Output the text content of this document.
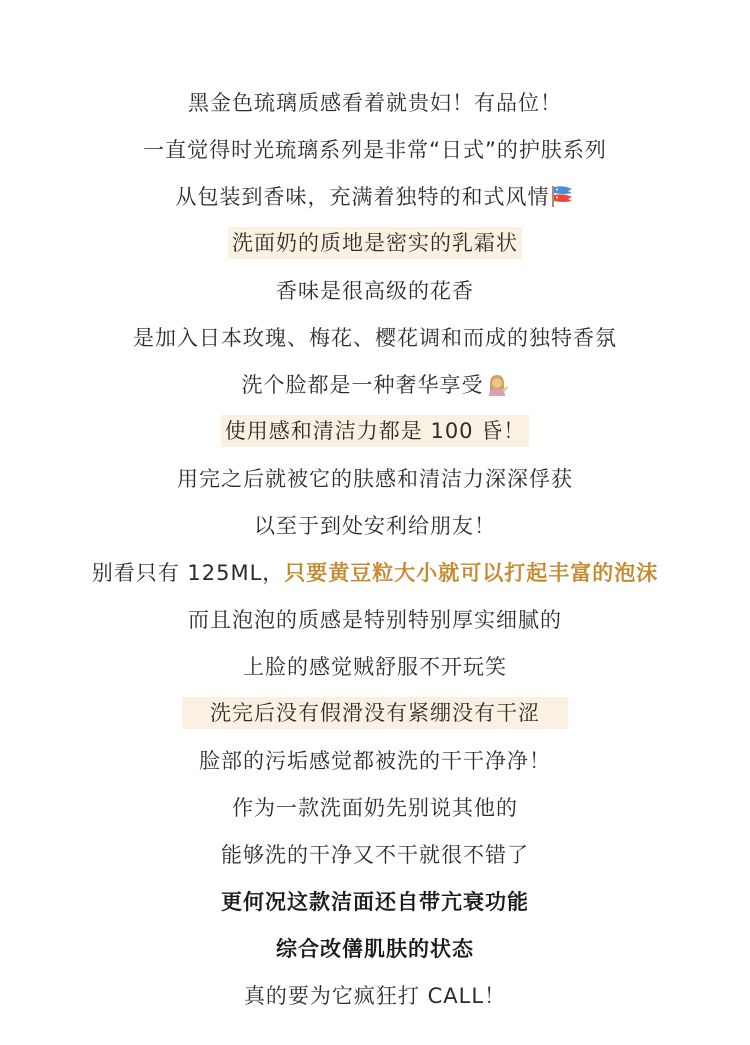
黑金色琉璃质感看着就贵妇！有品位！
一直觉得时光琉璃系列是非常“日式”的护肤系列
从包装到香味，充满着独特的和式风情
洗面奶的质地是密实的乳霜状
香味是很高级的花香
是加入日本玫瑰、梅花、樱花调和而成的独特香氛
洗个脸都是一种奢华享受
使用感和清洁力都是 100 昏！
用完之后就被它的肤感和清洁力深深俘获
以至于到处安利给朋友！
别看只有 125ML， 只要黄豆粒大小就可以打起丰富的泡沫
而且泡泡的质感是特别特别厚实细腻的
上脸的感觉贼舒服不开玩笑
洗完后没有假滑没有紧绷没有干涩
脸部的污垢感觉都被洗的干干净净！
作为一款洗面奶先别说其他的
能够洗的干净又不干就很不错了
更何况这款洁面还自带亢衰功能
综合改僐肌肤的状态
真的要为它疯狂打 CALL！
